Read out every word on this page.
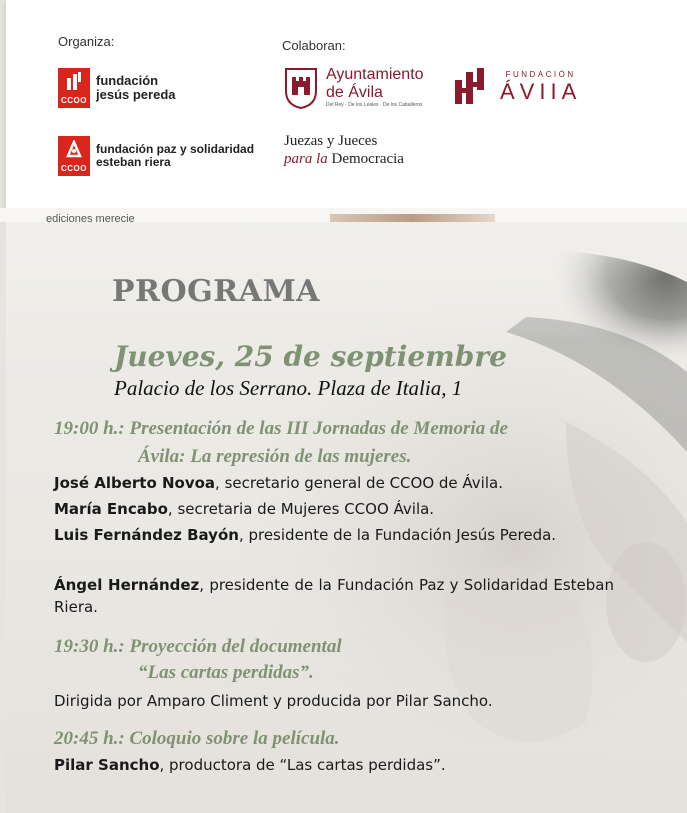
Organiza:	Colaboran:
CCOO
fundación
jesús pereda
CCOO
fundación paz y solidaridad
esteban riera
Ayuntamiento
de Ávila
Del Rey · De los Leales · De los Caballeros
FUNDACIÓN
ÁVIIA
Juezas y Jueces
para la Democracia
ediciones merecie
PROGRAMA
Jueves, 25 de septiembre
Palacio de los Serrano. Plaza de Italia, 1
19:00 h.: Presentación de las III Jornadas de Memoria de
Ávila: La represión de las mujeres.
José Alberto Novoa, secretario general de CCOO de Ávila.
María Encabo, secretaria de Mujeres CCOO Ávila.
Luis Fernández Bayón, presidente de la Fundación Jesús Pereda.
Ángel Hernández, presidente de la Fundación Paz y Solidaridad Esteban Riera.
19:30 h.: Proyección del documental
“Las cartas perdidas”.
Dirigida por Amparo Climent y producida por Pilar Sancho.
20:45 h.: Coloquio sobre la película.
Pilar Sancho, productora de “Las cartas perdidas”.
